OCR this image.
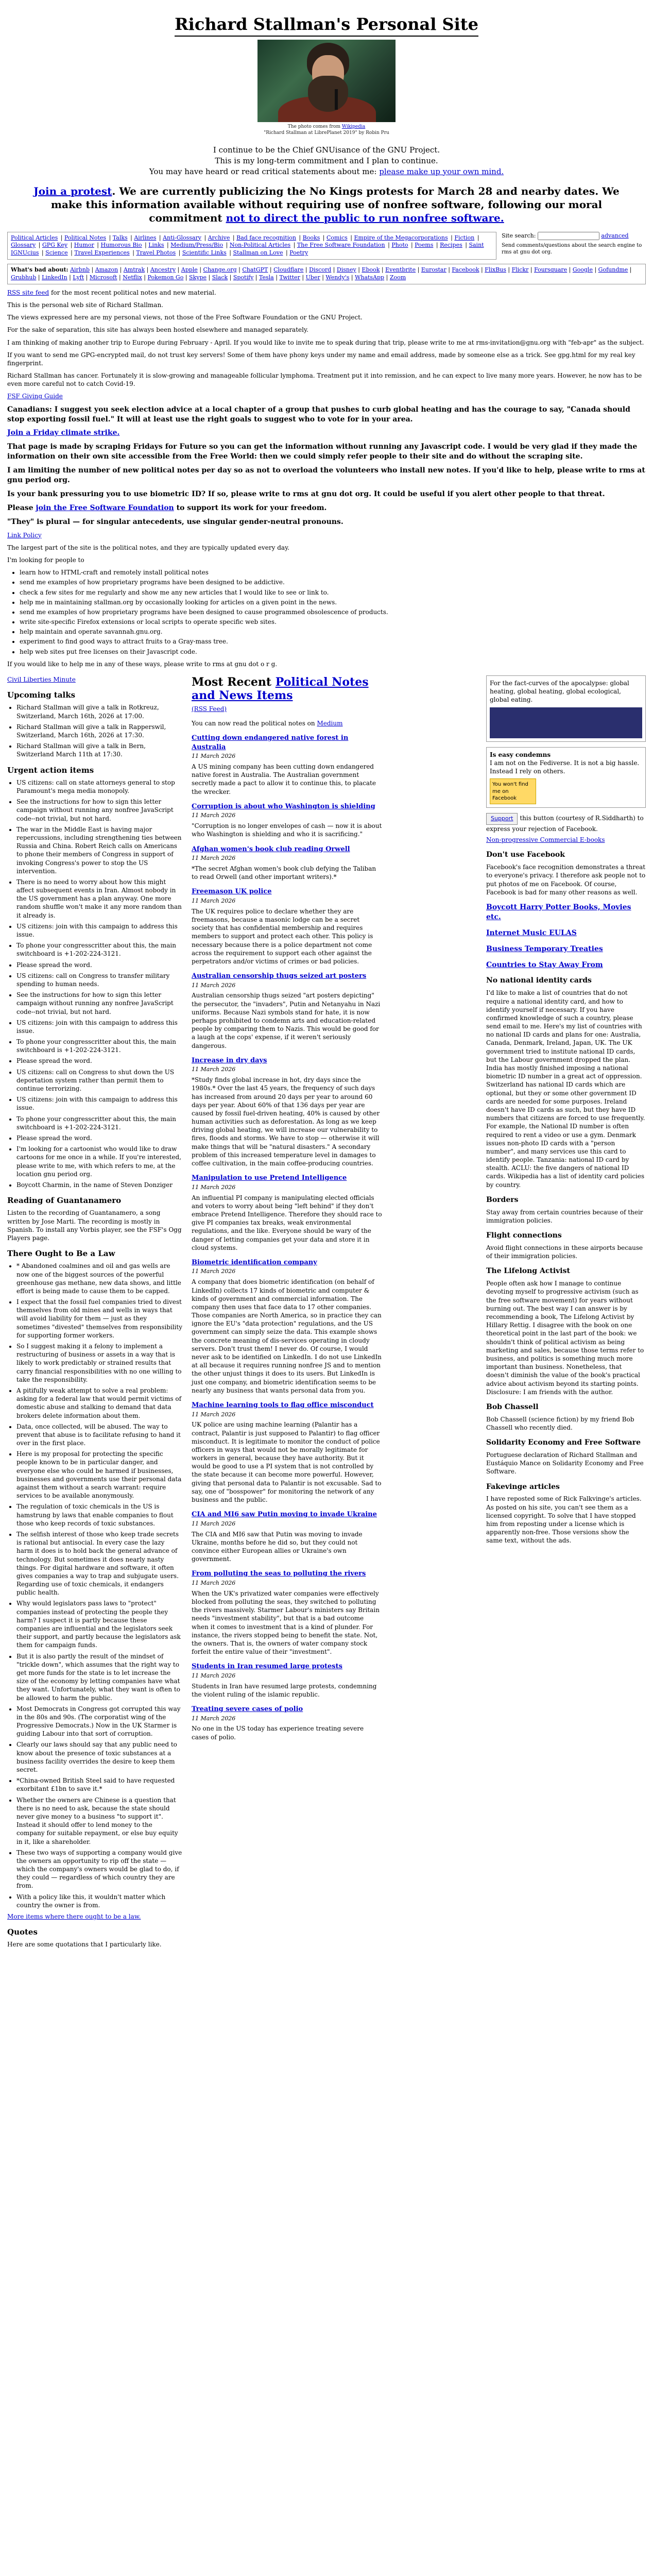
Richard Stallman's Personal Site
The photo comes from Wikipedia
"Richard Stallman at LibrePlanet 2019" by Robin Pru
I continue to be the Chief GNUisance of the GNU Project.
This is my long-term commitment and I plan to continue.
You may have heard or read critical statements about me: please make up your own mind.
Join a protest. We are currently publicizing the No Kings protests for March 28 and nearby dates. We make this information available without requiring use of nonfree software, following our moral commitment not to direct the public to run nonfree software.
Political Articles | Political Notes | Talks | Airlines | Anti-Glossary | Archive | Bad face recognition | Books | Comics | Empire of the Megacorporations | Fiction | Glossary | GPG Key | Humor | Humorous Bio | Links | Medium/Press/Bio | Non-Political Articles | The Free Software Foundation | Photo | Poems | Recipes | Saint IGNUcius | Science | Travel Experiences | Travel Photos | Scientific Links | Stallman on Love | Poetry
Site search:	advanced
Send comments/questions about the search engine to rms at gnu dot org.
What's bad about: Airbnb | Amazon | Amtrak | Ancestry | Apple | Change.org | ChatGPT | Cloudflare | Discord | Disney | Ebook | Eventbrite | Eurostar | Facebook | FlixBus | Flickr | Foursquare | Google | Gofundme | Grubhub | LinkedIn | Lyft | Microsoft | Netflix | Pokemon Go | Skype | Slack | Spotify | Tesla | Twitter | Uber | Wendy's | WhatsApp | Zoom

RSS site feed for the most recent political notes and new material.

This is the personal web site of Richard Stallman.

The views expressed here are my personal views, not those of the Free Software Foundation or the GNU Project.

For the sake of separation, this site has always been hosted elsewhere and managed separately.

I am thinking of making another trip to Europe during February - April. If you would like to invite me to speak during that trip, please write to me at rms-invitation@gnu.org with "feb-apr" as the subject.

If you want to send me GPG-encrypted mail, do not trust key servers! Some of them have phony keys under my name and email address, made by someone else as a trick. See gpg.html for my real key fingerprint.

Richard Stallman has cancer. Fortunately it is slow-growing and manageable follicular lymphoma. Treatment put it into remission, and he can expect to live many more years. However, he now has to be even more careful not to catch Covid-19.

FSF Giving Guide

Canadians: I suggest you seek election advice at a local chapter of a group that pushes to curb global heating and has the courage to say, "Canada should stop exporting fossil fuel." It will at least use the right goals to suggest who to vote for in your area.

Join a Friday climate strike.

That page is made by scraping Fridays for Future so you can get the information without running any Javascript code. I would be very glad if they made the information on their own site accessible from the Free World: then we could simply refer people to their site and do without the scraping site.

I am limiting the number of new political notes per day so as not to overload the volunteers who install new notes. If you'd like to help, please write to rms at gnu period org.

Is your bank pressuring you to use biometric ID? If so, please write to rms at gnu dot org. It could be useful if you alert other people to that threat.

Please join the Free Software Foundation to support its work for your freedom.

"They" is plural — for singular antecedents, use singular gender-neutral pronouns.

Link Policy

The largest part of the site is the political notes, and they are typically updated every day.

I'm looking for people to

• learn how to HTML-craft and remotely install political notes
• send me examples of how proprietary programs have been designed to be addictive.
• check a few sites for me regularly and show me any new articles that I would like to see or link to.
• help me in maintaining stallman.org by occasionally looking for articles on a given point in the news.
• send me examples of how proprietary programs have been designed to cause programmed obsolescence of products.
• write site-specific Firefox extensions or local scripts to operate specific web sites.
• help maintain and operate savannah.gnu.org.
• experiment to find good ways to attract fruits to a Gray-mass tree.
• help web sites put free licenses on their Javascript code.

If you would like to help me in any of these ways, please write to rms at gnu dot o r g.

Civil Liberties Minute
Upcoming talks
• Richard Stallman will give a talk in Rotkreuz, Switzerland, March 16th, 2026 at 17:00.
• Richard Stallman will give a talk in Rapperswil, Switzerland, March 16th, 2026 at 17:30.
• Richard Stallman will give a talk in Bern, Switzerland March 11th at 17:30.
Urgent action items
• US citizens: call on state attorneys general to stop Paramount's mega media monopoly.
• See the instructions for how to sign this letter campaign without running any nonfree JavaScript code--not trivial, but not hard.
• The war in the Middle East is having major repercussions, including strengthening ties between Russia and China. Robert Reich calls on Americans to phone their members of Congress in support of invoking Congress's power to stop the US intervention.
• There is no need to worry about how this might affect subsequent events in Iran. Almost nobody in the US government has a plan anyway. One more random shuffle won't make it any more random than it already is.
• US citizens: join with this campaign to address this issue.
• To phone your congresscritter about this, the main switchboard is +1-202-224-3121.
• Please spread the word.
• US citizens: call on Congress to transfer military spending to human needs.
• See the instructions for how to sign this letter campaign without running any nonfree JavaScript code--not trivial, but not hard.
• US citizens: join with this campaign to address this issue.
• To phone your congresscritter about this, the main switchboard is +1-202-224-3121.
• Please spread the word.
• US citizens: call on Congress to shut down the US deportation system rather than permit them to continue terrorizing.
• US citizens: join with this campaign to address this issue.
• To phone your congresscritter about this, the main switchboard is +1-202-224-3121.
• Please spread the word.
• I'm looking for a cartoonist who would like to draw cartoons for me once in a while. If you're interested, please write to me, with which refers to me, at the location gnu period org.
• Boycott Charmin, in the name of Steven Donziger
Reading of Guantanamero

Listen to the recording of Guantanamero, a song written by Jose Marti. The recording is mostly in Spanish. To install any Vorbis player, see the FSF's Ogg Players page.

There Ought to Be a Law
• * Abandoned coalmines and oil and gas wells are now one of the biggest sources of the powerful greenhouse gas methane, new data shows, and little effort is being made to cause them to be capped.
• I expect that the fossil fuel companies tried to divest themselves from old mines and wells in ways that will avoid liability for them — just as they sometimes "divested" themselves from responsibility for supporting former workers.
• So I suggest making it a felony to implement a restructuring of business or assets in a way that is likely to work predictably or strained results that carry financial responsibilities with no one willing to take the responsibility.
• A pitifully weak attempt to solve a real problem: asking for a federal law that would permit victims of domestic abuse and stalking to demand that data brokers delete information about them.
• Data, once collected, will be abused. The way to prevent that abuse is to facilitate refusing to hand it over in the first place.
• Here is my proposal for protecting the specific people known to be in particular danger, and everyone else who could be harmed if businesses, businesses and governments use their personal data against them without a search warrant: require services to be available anonymously.
• The regulation of toxic chemicals in the US is hamstrung by laws that enable companies to flout those who keep records of toxic substances.
• The selfish interest of those who keep trade secrets is rational but antisocial. In every case the lazy harm it does is to hold back the general advance of technology. But sometimes it does nearly nasty things. For digital hardware and software, it often gives companies a way to trap and subjugate users. Regarding use of toxic chemicals, it endangers public health.
• Why would legislators pass laws to "protect" companies instead of protecting the people they harm? I suspect it is partly because these companies are influential and the legislators seek their support, and partly because the legislators ask them for campaign funds.
• But it is also partly the result of the mindset of "trickle down", which assumes that the right way to get more funds for the state is to let increase the size of the economy by letting companies have what they want. Unfortunately, what they want is often to be allowed to harm the public.
• Most Democrats in Congress got corrupted this way in the 80s and 90s. (The corporatist wing of the Progressive Democrats.) Now in the UK Starmer is guiding Labour into that sort of corruption.
• Clearly our laws should say that any public need to know about the presence of toxic substances at a business facility overrides the desire to keep them secret.
• *China-owned British Steel said to have requested exorbitant £1bn to save it.*
• Whether the owners are Chinese is a question that there is no need to ask, because the state should never give money to a business "to support it". Instead it should offer to lend money to the company for suitable repayment, or else buy equity in it, like a shareholder.
• These two ways of supporting a company would give the owners an opportunity to rip off the state — which the company's owners would be glad to do, if they could — regardless of which country they are from.
• With a policy like this, it wouldn't matter which country the owner is from.

More items where there ought to be a law.

Quotes

Here are some quotations that I particularly like.

Most Recent Political Notes and News Items
(RSS Feed)

You can now read the political notes on Medium

Cutting down endangered native forest in Australia
11 March 2026

A US mining company has been cutting down endangered native forest in Australia. The Australian government secretly made a pact to allow it to continue this, to placate the wrecker.

Corruption is about who Washington is shielding
11 March 2026

"Corruption is no longer envelopes of cash — now it is about who Washington is shielding and who it is sacrificing."

Afghan women's book club reading Orwell
11 March 2026

*The secret Afghan women's book club defying the Taliban to read Orwell (and other important writers).*

Freemason UK police
11 March 2026

The UK requires police to declare whether they are freemasons, because a masonic lodge can be a secret society that has confidential membership and requires members to support and protect each other. This policy is necessary because there is a police department not come across the requirement to support each other against the perpetrators and/or victims of crimes or bad policies.

Australian censorship thugs seized art posters
11 March 2026

Australian censorship thugs seized "art posters depicting" the persecutor, the "invaders", Putin and Netanyahu in Nazi uniforms. Because Nazi symbols stand for hate, it is now perhaps prohibited to condemn arts and education-related people by comparing them to Nazis. This would be good for a laugh at the cops' expense, if it weren't seriously dangerous.

Increase in dry days
11 March 2026

*Study finds global increase in hot, dry days since the 1980s.* Over the last 45 years, the frequency of such days has increased from around 20 days per year to around 60 days per year. About 60% of that 136 days per year are caused by fossil fuel-driven heating, 40% is caused by other human activities such as deforestation. As long as we keep driving global heating, we will increase our vulnerability to fires, floods and storms. We have to stop — otherwise it will make things that will be "natural disasters." A secondary problem of this increased temperature level in damages to coffee cultivation, in the main coffee-producing countries.

Manipulation to use Pretend Intelligence
11 March 2026

An influential PI company is manipulating elected officials and voters to worry about being "left behind" if they don't embrace Pretend Intelligence. Therefore they should race to give PI companies tax breaks, weak environmental regulations, and the like. Everyone should be wary of the danger of letting companies get your data and store it in cloud systems.

Biometric identification company
11 March 2026

A company that does biometric identification (on behalf of LinkedIn) collects 17 kinds of biometric and computer & kinds of government and commercial information. The company then uses that face data to 17 other companies. Those companies are North America, so in practice they can ignore the EU's "data protection" regulations, and the US government can simply seize the data. This example shows the concrete meaning of dis-services operating in cloudy servers. Don't trust them! I never do. Of course, I would never ask to be identified on LinkedIn. I do not use LinkedIn at all because it requires running nonfree JS and to mention the other unjust things it does to its users. But LinkedIn is just one company, and biometric identification seems to be nearly any business that wants personal data from you.

Machine learning tools to flag office misconduct
11 March 2026

UK police are using machine learning (Palantir has a contract, Palantir is just supposed to Palantir) to flag officer misconduct. It is legitimate to monitor the conduct of police officers in ways that would not be morally legitimate for workers in general, because they have authority. But it would be good to use a PI system that is not controlled by the state because it can become more powerful. However, giving that personal data to Palantir is not excusable. Sad to say, one of "bosspower" for monitoring the network of any business and the public.

CIA and MI6 saw Putin moving to invade Ukraine
11 March 2026

The CIA and MI6 saw that Putin was moving to invade Ukraine, months before he did so, but they could not convince either European allies or Ukraine's own government.

From polluting the seas to polluting the rivers
11 March 2026

When the UK's privatized water companies were effectively blocked from polluting the seas, they switched to polluting the rivers massively. Starmer Labour's ministers say Britain needs "investment stability", but that is a bad outcome when it comes to investment that is a kind of plunder. For instance, the rivers stopped being to benefit the state. Not, the owners. That is, the owners of water company stock forfeit the entire value of their "investment".

Students in Iran resumed large protests
11 March 2026

Students in Iran have resumed large protests, condemning the violent ruling of the islamic republic.

Treating severe cases of polio
11 March 2026

No one in the US today has experience treating severe cases of polio.

For the fact-curves of the apocalypse: global heating, global heating, global ecological, global eating.
Is easy condemns
I am not on the Fediverse. It is not a big hassle. Instead I rely on others.
You won't find me on Facebook

Support this button (courtesy of R.Siddharth) to express your rejection of Facebook.

Non-progressive Commercial E-books

Don't use Facebook

Facebook's face recognition demonstrates a threat to everyone's privacy. I therefore ask people not to put photos of me on Facebook. Of course, Facebook is bad for many other reasons as well.

Boycott Harry Potter Books, Movies etc.
Internet Music EULAS
Business Temporary Treaties
Countries to Stay Away From
No national identity cards

I'd like to make a list of countries that do not require a national identity card, and how to identify yourself if necessary. If you have confirmed knowledge of such a country, please send email to me. Here's my list of countries with no national ID cards and plans for one: Australia, Canada, Denmark, Ireland, Japan, UK. The UK government tried to institute national ID cards, but the Labour government dropped the plan. India has mostly finished imposing a national biometric ID number in a great act of oppression. Switzerland has national ID cards which are optional, but they or some other government ID cards are needed for some purposes. Ireland doesn't have ID cards as such, but they have ID numbers that citizens are forced to use frequently. For example, the National ID number is often required to rent a video or use a gym. Denmark issues non-photo ID cards with a "person number", and many services use this card to identify people. Tanzania: national ID card by stealth. ACLU: the five dangers of national ID cards. Wikipedia has a list of identity card policies by country.

Borders

Stay away from certain countries because of their immigration policies.

Flight connections

Avoid flight connections in these airports because of their immigration policies.

The Lifelong Activist

People often ask how I manage to continue devoting myself to progressive activism (such as the free software movement) for years without burning out. The best way I can answer is by recommending a book, The Lifelong Activist by Hillary Rettig. I disagree with the book on one theoretical point in the last part of the book: we shouldn't think of political activism as being marketing and sales, because those terms refer to business, and politics is something much more important than business. Nonetheless, that doesn't diminish the value of the book's practical advice about activism beyond its starting points. Disclosure: I am friends with the author.

Bob Chassell

Bob Chassell (science fiction) by my friend Bob Chassell who recently died.

Solidarity Economy and Free Software

Portuguese declaration of Richard Stallman and Eustáquio Mance on Solidarity Economy and Free Software.

Fakevinge articles

I have reposted some of Rick Falkvinge's articles. As posted on his site, you can't see them as a licensed copyright. To solve that I have stopped him from reposting under a license which is apparently non-free. Those versions show the same text, without the ads.
